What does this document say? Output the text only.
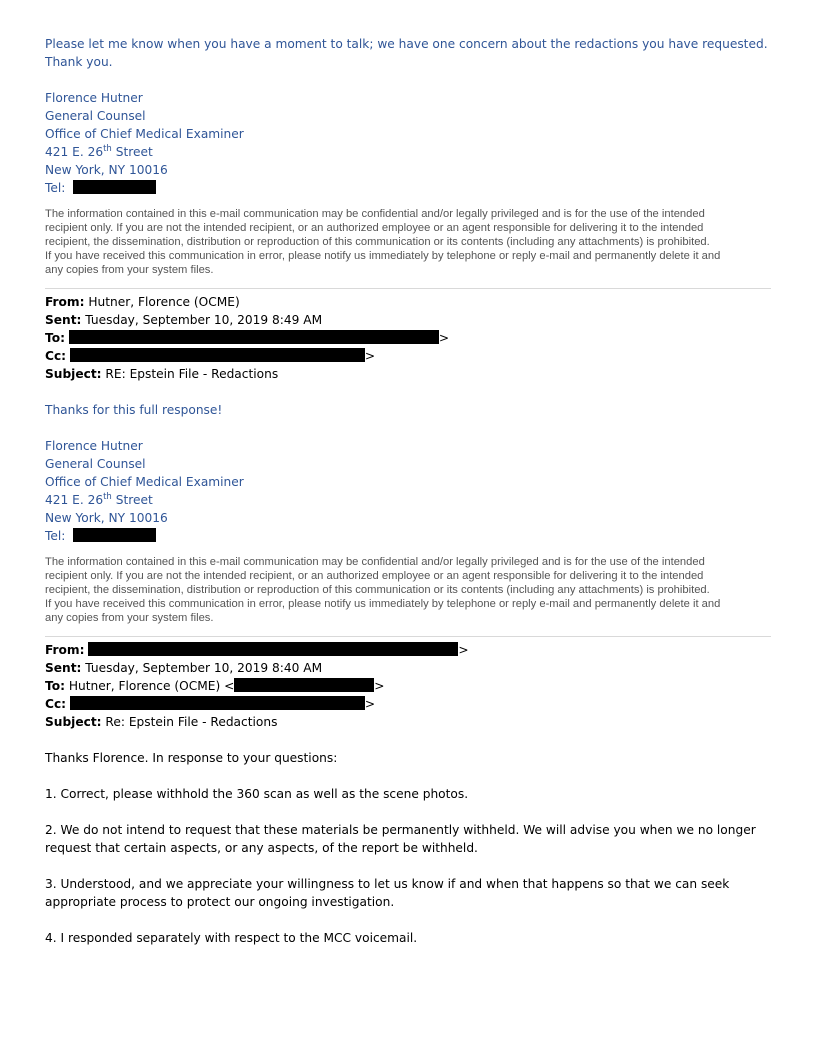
Please let me know when you have a moment to talk; we have one concern about the redactions you have requested.
Thank you.
Florence Hutner
General Counsel
Office of Chief Medical Examiner
421 E. 26th Street
New York, NY 10016
Tel:
The information contained in this e-mail communication may be confidential and/or legally privileged and is for the use of the intended
recipient only. If you are not the intended recipient, or an authorized employee or an agent responsible for delivering it to the intended
recipient, the dissemination, distribution or reproduction of this communication or its contents (including any attachments) is prohibited.
If you have received this communication in error, please notify us immediately by telephone or reply e-mail and permanently delete it and
any copies from your system files.
From: Hutner, Florence (OCME)
Sent: Tuesday, September 10, 2019 8:49 AM
To:	>
Cc:	>
Subject: RE: Epstein File - Redactions
Thanks for this full response!
Florence Hutner
General Counsel
Office of Chief Medical Examiner
421 E. 26th Street
New York, NY 10016
Tel:
The information contained in this e-mail communication may be confidential and/or legally privileged and is for the use of the intended
recipient only. If you are not the intended recipient, or an authorized employee or an agent responsible for delivering it to the intended
recipient, the dissemination, distribution or reproduction of this communication or its contents (including any attachments) is prohibited.
If you have received this communication in error, please notify us immediately by telephone or reply e-mail and permanently delete it and
any copies from your system files.
From:	>
Sent: Tuesday, September 10, 2019 8:40 AM
To: Hutner, Florence (OCME) <	>
Cc:	>
Subject: Re: Epstein File - Redactions
Thanks Florence. In response to your questions:
1. Correct, please withhold the 360 scan as well as the scene photos.
2. We do not intend to request that these materials be permanently withheld. We will advise you when we no longer
request that certain aspects, or any aspects, of the report be withheld.
3. Understood, and we appreciate your willingness to let us know if and when that happens so that we can seek
appropriate process to protect our ongoing investigation.
4. I responded separately with respect to the MCC voicemail.
